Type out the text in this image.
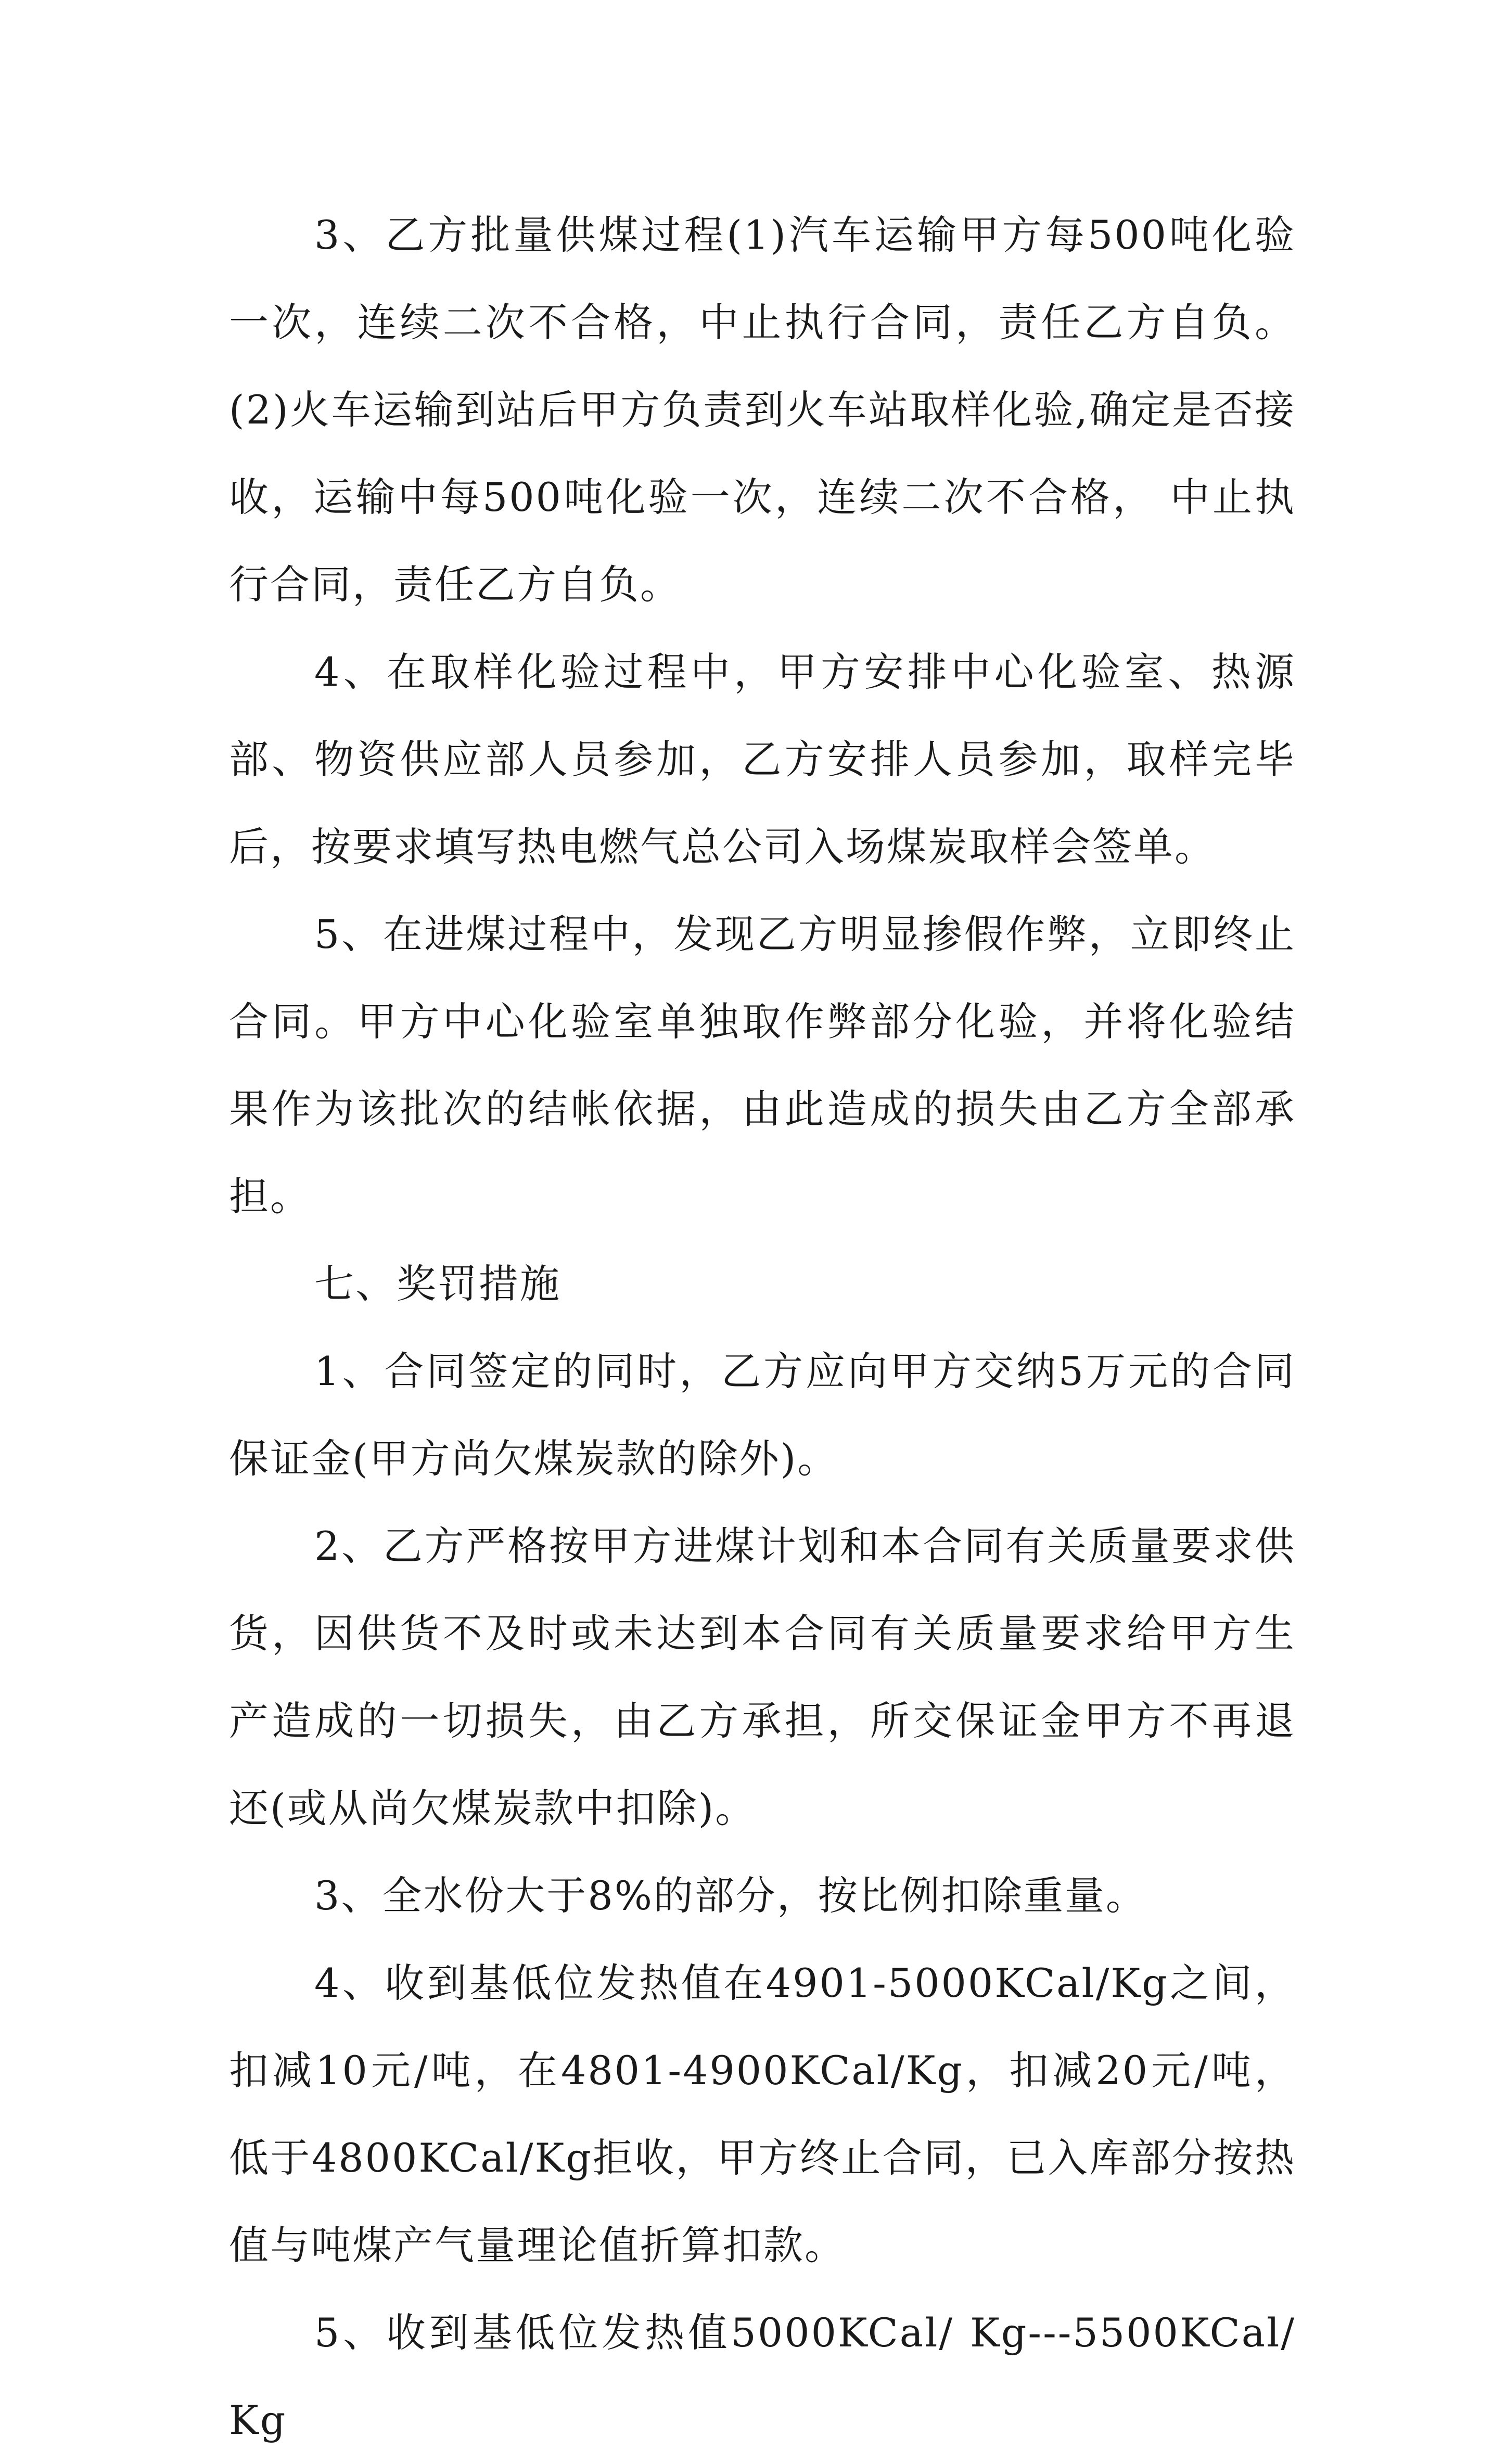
3、乙方批量供煤过程(1)汽车运输甲方每500吨化验一次，连续二次不合格，中止执行合同，责任乙方自负。(2)火车运输到站后甲方负责到火车站取样化验,确定是否接收，运输中每500吨化验一次，连续二次不合格， 中止执行合同，责任乙方自负。

4、在取样化验过程中，甲方安排中心化验室、热源部、物资供应部人员参加，乙方安排人员参加，取样完毕后，按要求填写热电燃气总公司入场煤炭取样会签单。

5、在进煤过程中，发现乙方明显掺假作弊，立即终止合同。甲方中心化验室单独取作弊部分化验，并将化验结果作为该批次的结帐依据，由此造成的损失由乙方全部承担。

七、奖罚措施

1、合同签定的同时，乙方应向甲方交纳5万元的合同保证金(甲方尚欠煤炭款的除外)。

2、乙方严格按甲方进煤计划和本合同有关质量要求供货，因供货不及时或未达到本合同有关质量要求给甲方生产造成的一切损失，由乙方承担，所交保证金甲方不再退还(或从尚欠煤炭款中扣除)。

3、全水份大于8%的部分，按比例扣除重量。

4、收到基低位发热值在4901-5000KCal/Kg之间，扣减10元/吨，在4801-4900KCal/Kg，扣减20元/吨，低于4800KCal/Kg拒收，甲方终止合同，已入库部分按热值与吨煤产气量理论值折算扣款。

5、收到基低位发热值5000KCal/ Kg---5500KCal/ Kg
